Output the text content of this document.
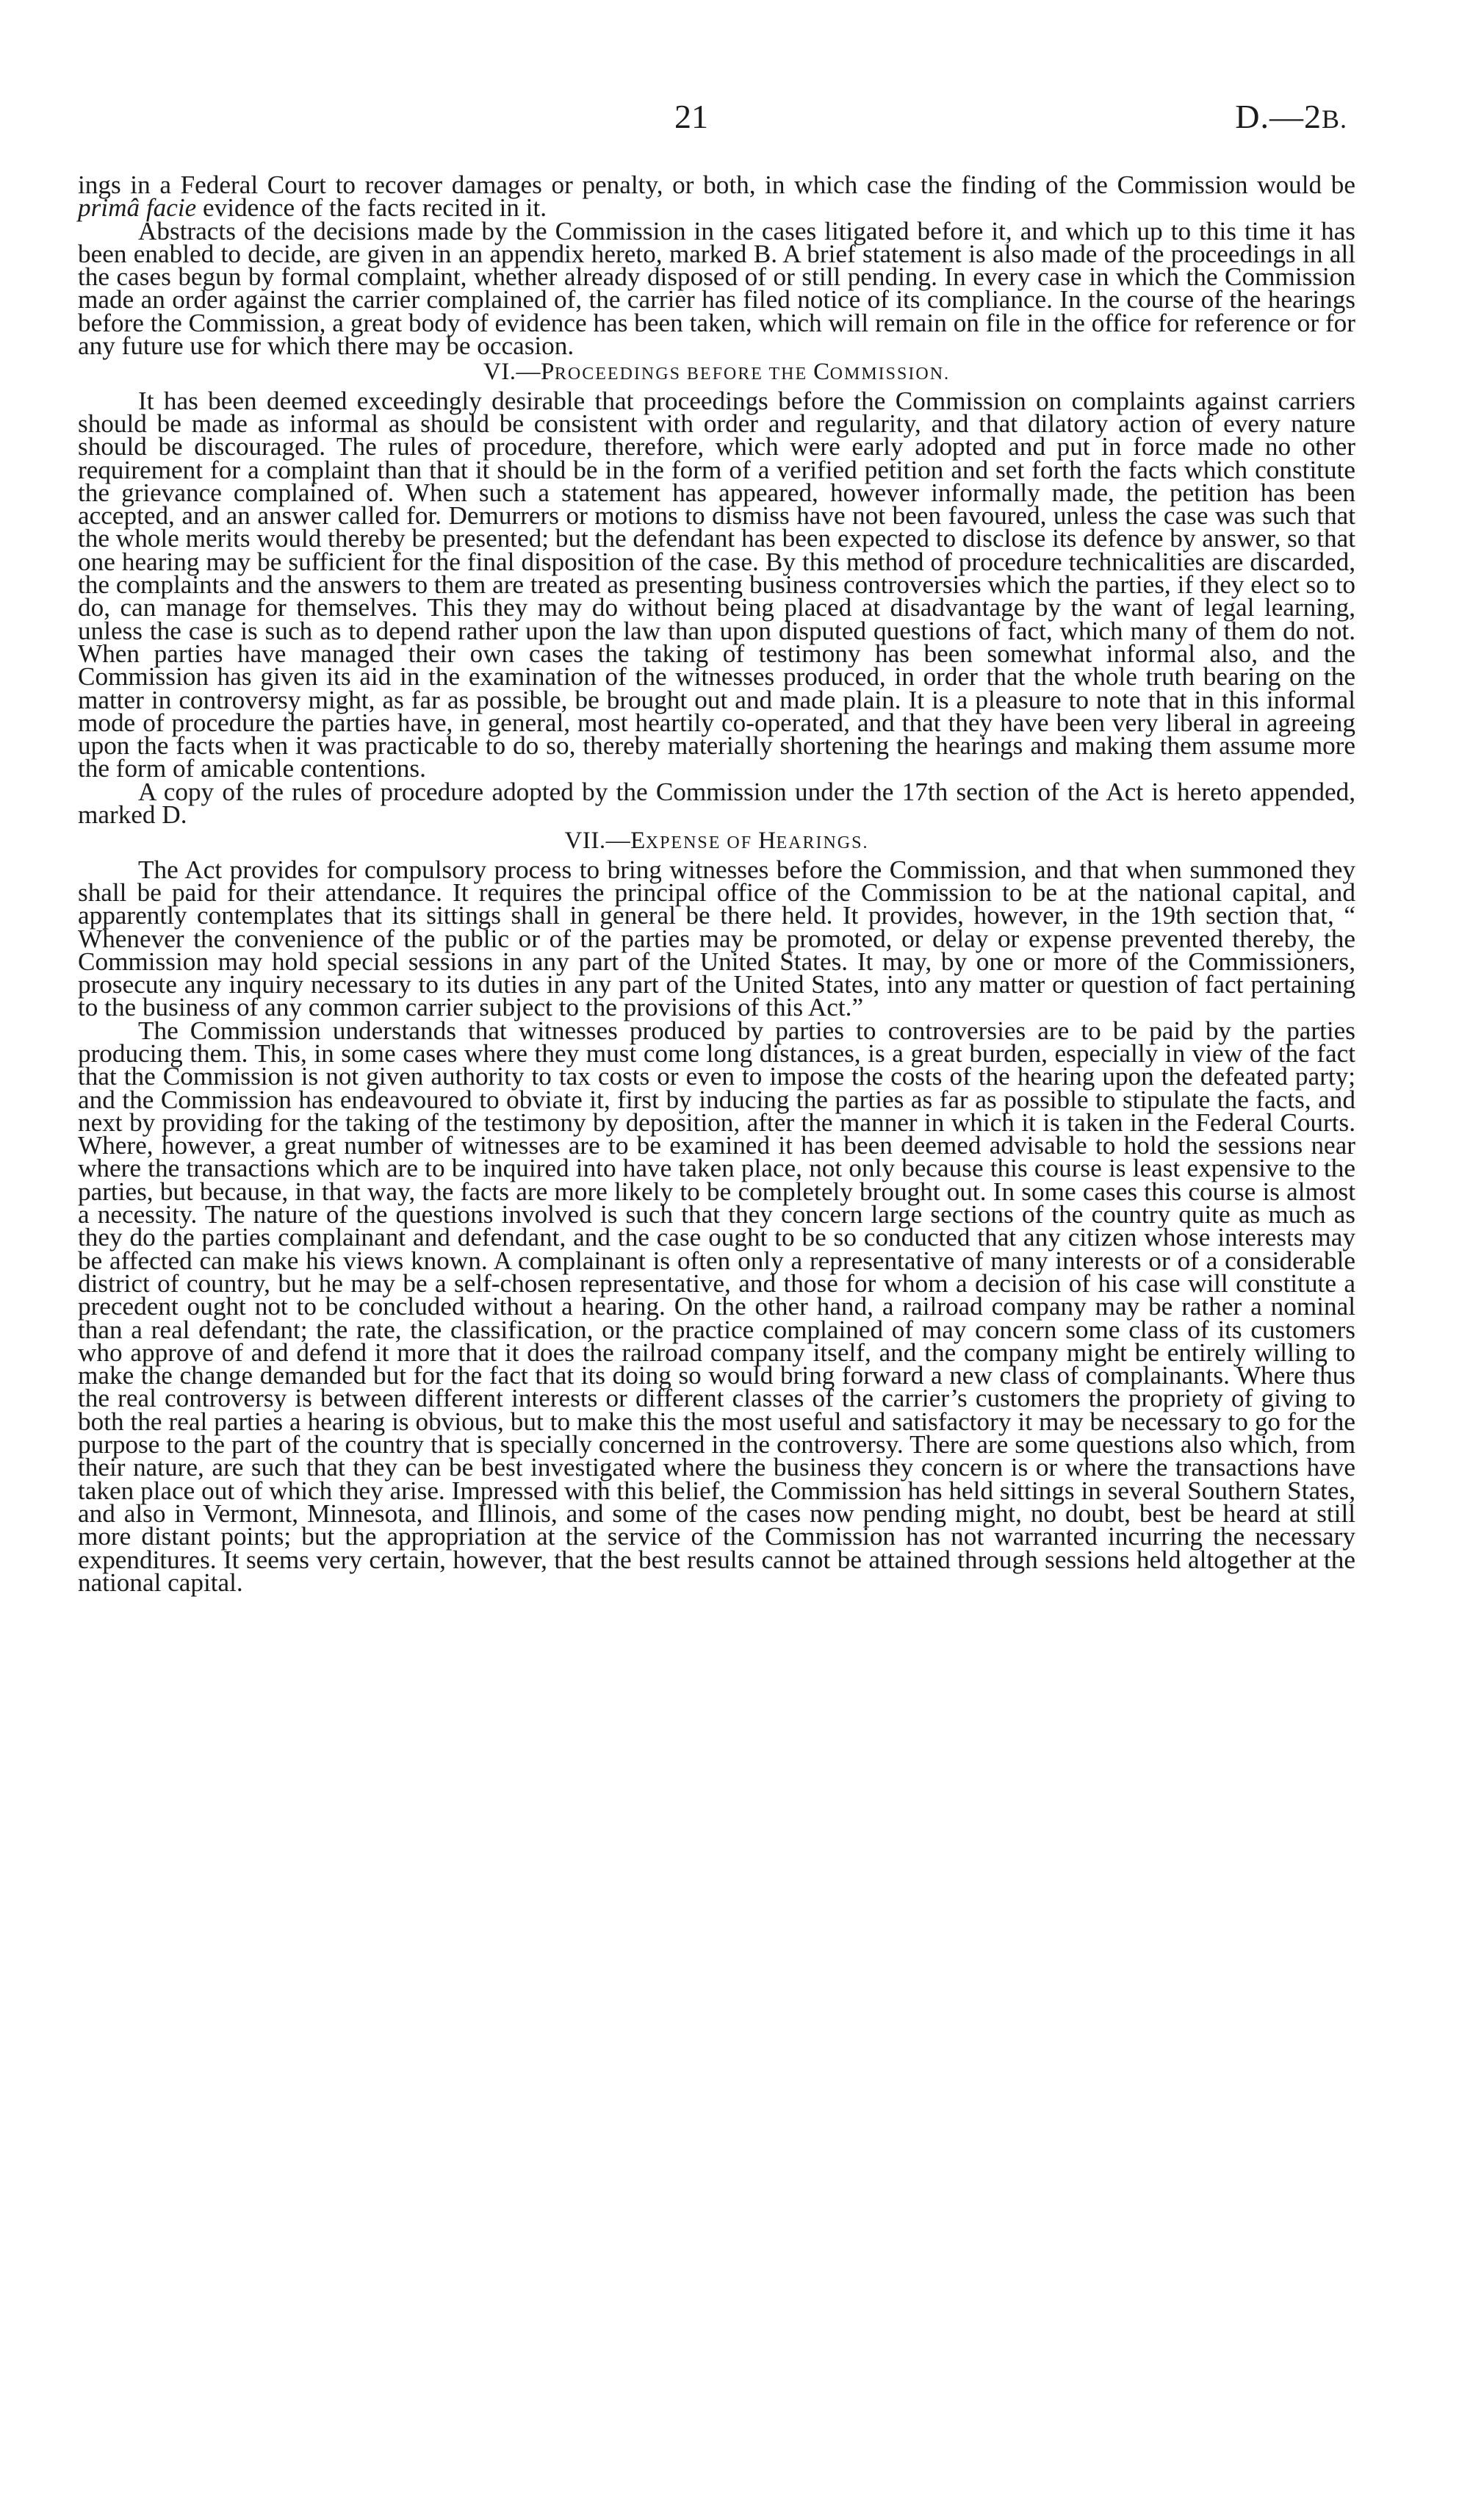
21	D.—2B.

ings in a Federal Court to recover damages or penalty, or both, in which case the finding of the Commission would be primâ facie evidence of the facts recited in it.

Abstracts of the decisions made by the Commission in the cases litigated before it, and which up to this time it has been enabled to decide, are given in an appendix hereto, marked B. A brief statement is also made of the proceedings in all the cases begun by formal complaint, whether already disposed of or still pending. In every case in which the Commission made an order against the carrier complained of, the carrier has filed notice of its compliance. In the course of the hearings before the Commission, a great body of evidence has been taken, which will remain on file in the office for reference or for any future use for which there may be occasion.

VI.—PROCEEDINGS BEFORE THE COMMISSION.

It has been deemed exceedingly desirable that proceedings before the Commission on complaints against carriers should be made as informal as should be consistent with order and regularity, and that dilatory action of every nature should be discouraged. The rules of procedure, therefore, which were early adopted and put in force made no other requirement for a complaint than that it should be in the form of a verified petition and set forth the facts which constitute the grievance complained of. When such a statement has appeared, however informally made, the petition has been accepted, and an answer called for. Demurrers or motions to dismiss have not been favoured, unless the case was such that the whole merits would thereby be presented; but the defendant has been expected to disclose its defence by answer, so that one hearing may be sufficient for the final disposition of the case. By this method of procedure technicalities are discarded, the complaints and the answers to them are treated as presenting business controversies which the parties, if they elect so to do, can manage for themselves. This they may do without being placed at disadvantage by the want of legal learning, unless the case is such as to depend rather upon the law than upon disputed questions of fact, which many of them do not. When parties have managed their own cases the taking of testimony has been somewhat informal also, and the Commission has given its aid in the examination of the witnesses produced, in order that the whole truth bearing on the matter in controversy might, as far as possible, be brought out and made plain. It is a pleasure to note that in this informal mode of procedure the parties have, in general, most heartily co-operated, and that they have been very liberal in agreeing upon the facts when it was practicable to do so, thereby materially shortening the hearings and making them assume more the form of amicable contentions.

A copy of the rules of procedure adopted by the Commission under the 17th section of the Act is hereto appended, marked D.

VII.—EXPENSE OF HEARINGS.

The Act provides for compulsory process to bring witnesses before the Commission, and that when summoned they shall be paid for their attendance. It requires the principal office of the Commission to be at the national capital, and apparently contemplates that its sittings shall in general be there held. It provides, however, in the 19th section that, “ Whenever the convenience of the public or of the parties may be promoted, or delay or expense prevented thereby, the Commission may hold special sessions in any part of the United States. It may, by one or more of the Commissioners, prosecute any inquiry necessary to its duties in any part of the United States, into any matter or question of fact pertaining to the business of any common carrier subject to the provisions of this Act.”

The Commission understands that witnesses produced by parties to controversies are to be paid by the parties producing them. This, in some cases where they must come long distances, is a great burden, especially in view of the fact that the Commission is not given authority to tax costs or even to impose the costs of the hearing upon the defeated party; and the Commission has endeavoured to obviate it, first by inducing the parties as far as possible to stipulate the facts, and next by providing for the taking of the testimony by deposition, after the manner in which it is taken in the Federal Courts. Where, however, a great number of witnesses are to be examined it has been deemed advisable to hold the sessions near where the transactions which are to be inquired into have taken place, not only because this course is least expensive to the parties, but because, in that way, the facts are more likely to be completely brought out. In some cases this course is almost a necessity. The nature of the questions involved is such that they concern large sections of the country quite as much as they do the parties complainant and defendant, and the case ought to be so conducted that any citizen whose interests may be affected can make his views known. A complainant is often only a representative of many interests or of a considerable district of country, but he may be a self-chosen representative, and those for whom a decision of his case will constitute a precedent ought not to be concluded without a hearing. On the other hand, a railroad company may be rather a nominal than a real defendant; the rate, the classification, or the practice complained of may concern some class of its customers who approve of and defend it more that it does the railroad company itself, and the company might be entirely willing to make the change demanded but for the fact that its doing so would bring forward a new class of complainants. Where thus the real controversy is between different interests or different classes of the carrier’s customers the propriety of giving to both the real parties a hearing is obvious, but to make this the most useful and satisfactory it may be necessary to go for the purpose to the part of the country that is specially concerned in the controversy. There are some questions also which, from their nature, are such that they can be best investigated where the business they concern is or where the transactions have taken place out of which they arise. Impressed with this belief, the Commission has held sittings in several Southern States, and also in Vermont, Minnesota, and Illinois, and some of the cases now pending might, no doubt, best be heard at still more distant points; but the appropriation at the service of the Commission has not warranted incurring the necessary expenditures. It seems very certain, however, that the best results cannot be attained through sessions held altogether at the national capital.
